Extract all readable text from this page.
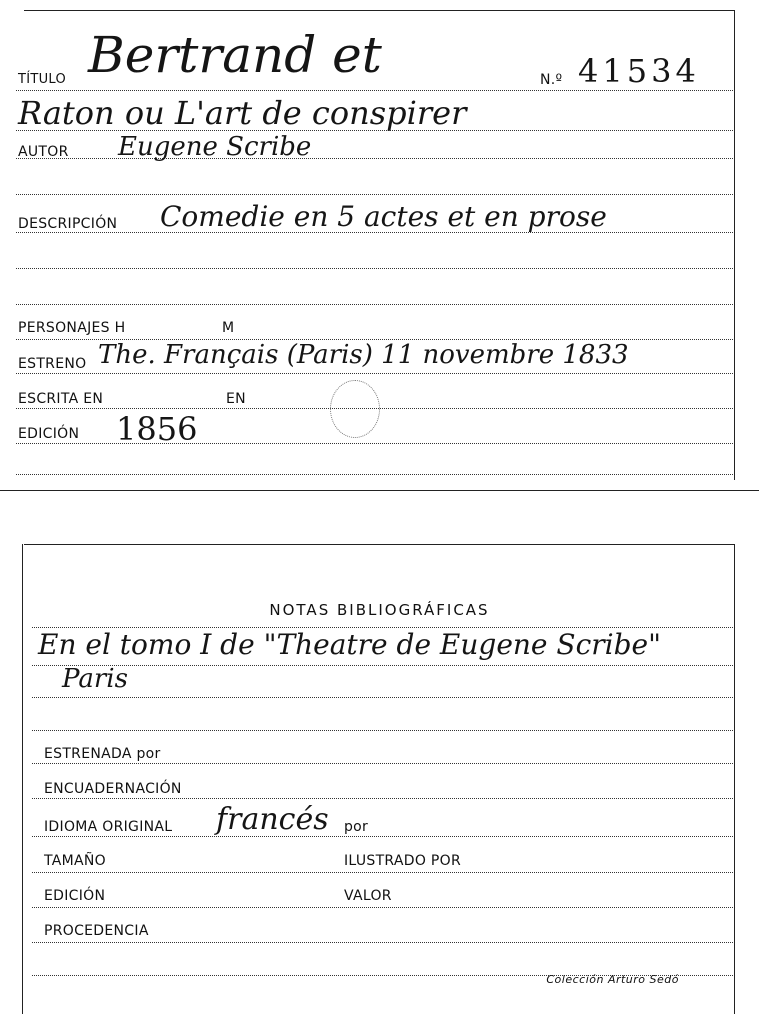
TÍTULO Bertrand et	N.º 41534
Raton ou L'art de conspirer
AUTOR Eugene Scribe
DESCRIPCIÓN Comedie en 5 actes et en prose
PERSONAJES H	M
ESTRENO The. Français (Paris) 11 novembre 1833
ESCRITA EN	EN
EDICIÓN 1856
NOTAS BIBLIOGRÁFICAS
En el tomo I de "Theatre de Eugene Scribe"
Paris
ESTRENADA por
ENCUADERNACIÓN
IDIOMA ORIGINAL francés por
TAMAÑO	ILUSTRADO POR
EDICIÓN	VALOR
PROCEDENCIA
Colección Arturo Sedó
